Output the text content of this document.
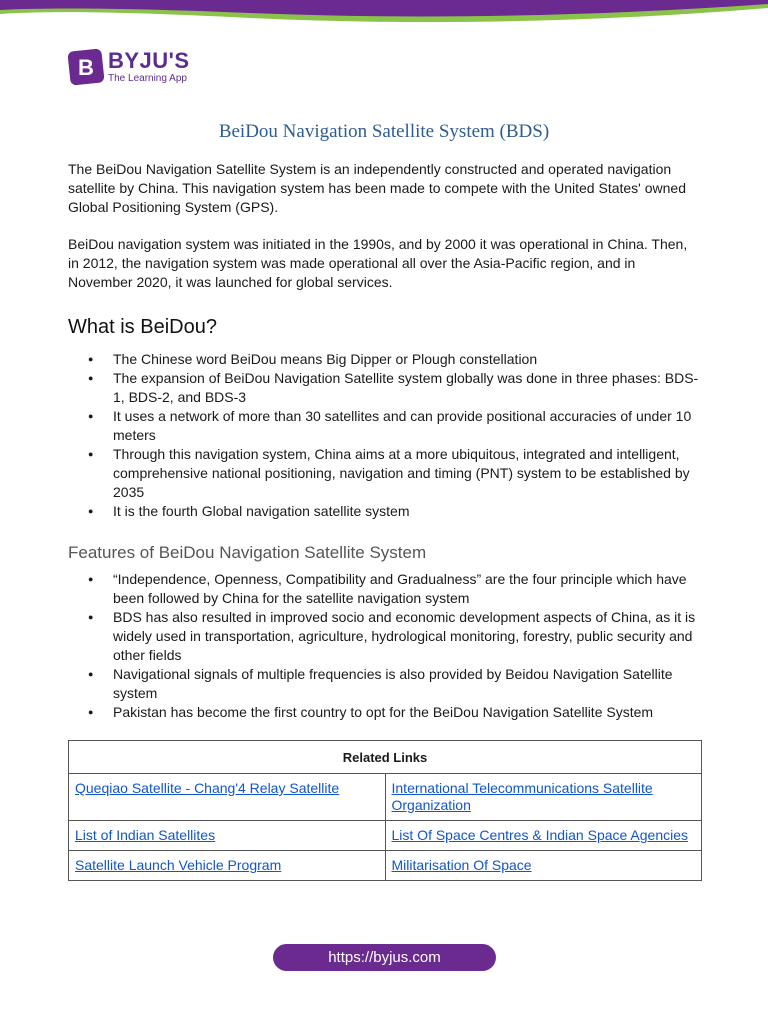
B BYJU'S
The Learning App
BeiDou Navigation Satellite System (BDS)

The BeiDou Navigation Satellite System is an independently constructed and operated navigation satellite by China. This navigation system has been made to compete with the United States' owned Global Positioning System (GPS).

BeiDou navigation system was initiated in the 1990s, and by 2000 it was operational in China. Then, in 2012, the navigation system was made operational all over the Asia-Pacific region, and in November 2020, it was launched for global services.

What is BeiDou?
● The Chinese word BeiDou means Big Dipper or Plough constellation
● The expansion of BeiDou Navigation Satellite system globally was done in three phases: BDS-1, BDS-2, and BDS-3
● It uses a network of more than 30 satellites and can provide positional accuracies of under 10 meters
● Through this navigation system, China aims at a more ubiquitous, integrated and intelligent, comprehensive national positioning, navigation and timing (PNT) system to be established by 2035
● It is the fourth Global navigation satellite system
Features of BeiDou Navigation Satellite System
● “Independence, Openness, Compatibility and Gradualness” are the four principle which have been followed by China for the satellite navigation system
● BDS has also resulted in improved socio and economic development aspects of China, as it is widely used in transportation, agriculture, hydrological monitoring, forestry, public security and other fields
● Navigational signals of multiple frequencies is also provided by Beidou Navigation Satellite system
● Pakistan has become the first country to opt for the BeiDou Navigation Satellite System
Related Links	
Queqiao Satellite - Chang'4 Relay Satellite	International Telecommunications Satellite Organization
List of Indian Satellites	List Of Space Centres & Indian Space Agencies
Satellite Launch Vehicle Program	Militarisation Of Space
https://byjus.com
